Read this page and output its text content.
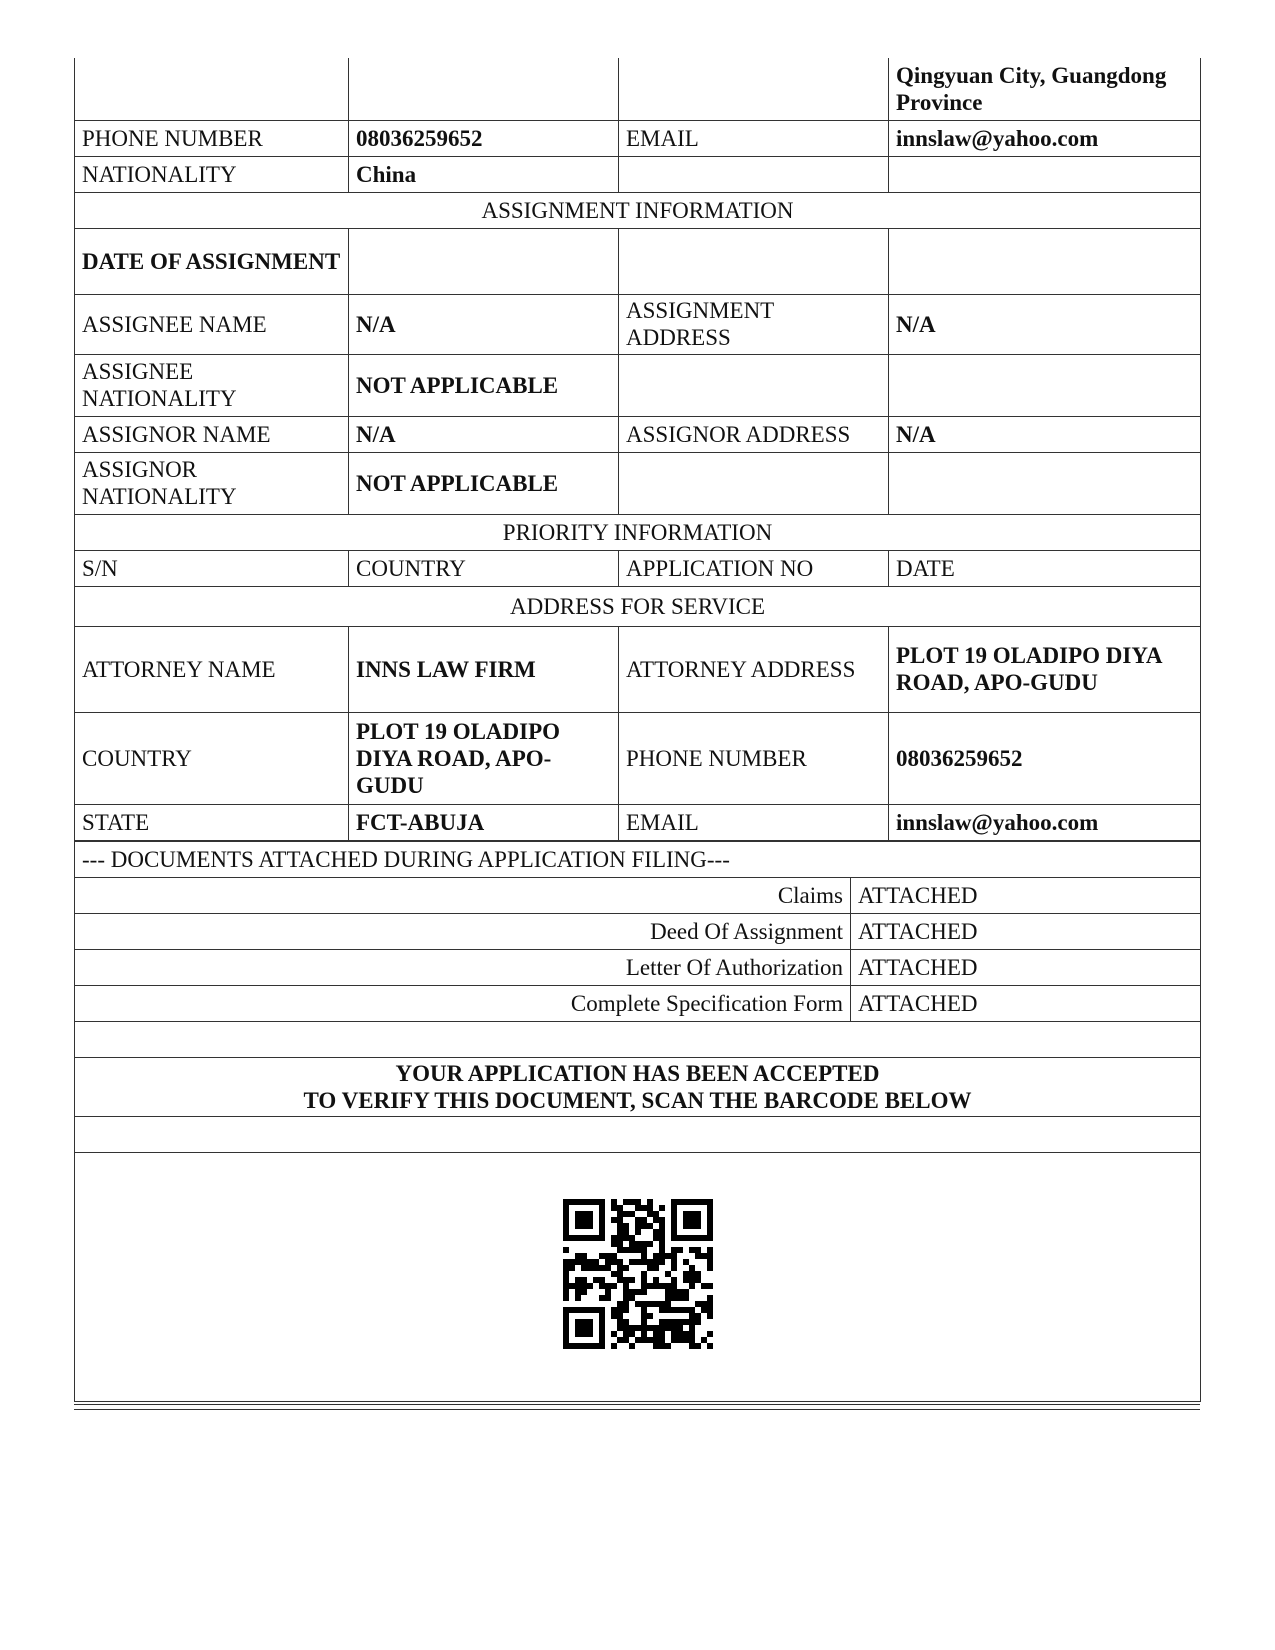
			Qingyuan City, Guangdong Province
PHONE NUMBER	08036259652	EMAIL	innslaw@yahoo.com
NATIONALITY	China		
ASSIGNMENT INFORMATION			
DATE OF ASSIGNMENT			
ASSIGNEE NAME	N/A	ASSIGNMENT ADDRESS	N/A
ASSIGNEE NATIONALITY	NOT APPLICABLE		
ASSIGNOR NAME	N/A	ASSIGNOR ADDRESS	N/A
ASSIGNOR NATIONALITY	NOT APPLICABLE		
PRIORITY INFORMATION			
S/N	COUNTRY	APPLICATION NO	DATE
ADDRESS FOR SERVICE			
ATTORNEY NAME	INNS LAW FIRM	ATTORNEY ADDRESS	PLOT 19 OLADIPO DIYA ROAD, APO-GUDU
COUNTRY	PLOT 19 OLADIPO DIYA ROAD, APO-GUDU	PHONE NUMBER	08036259652
STATE	FCT-ABUJA	EMAIL	innslaw@yahoo.com
--- DOCUMENTS ATTACHED DURING APPLICATION FILING---	
Claims	ATTACHED
Deed Of Assignment	ATTACHED
Letter Of Authorization	ATTACHED
Complete Specification Form	ATTACHED

YOUR APPLICATION HAS BEEN ACCEPTED
TO VERIFY THIS DOCUMENT, SCAN THE BARCODE BELOW	
